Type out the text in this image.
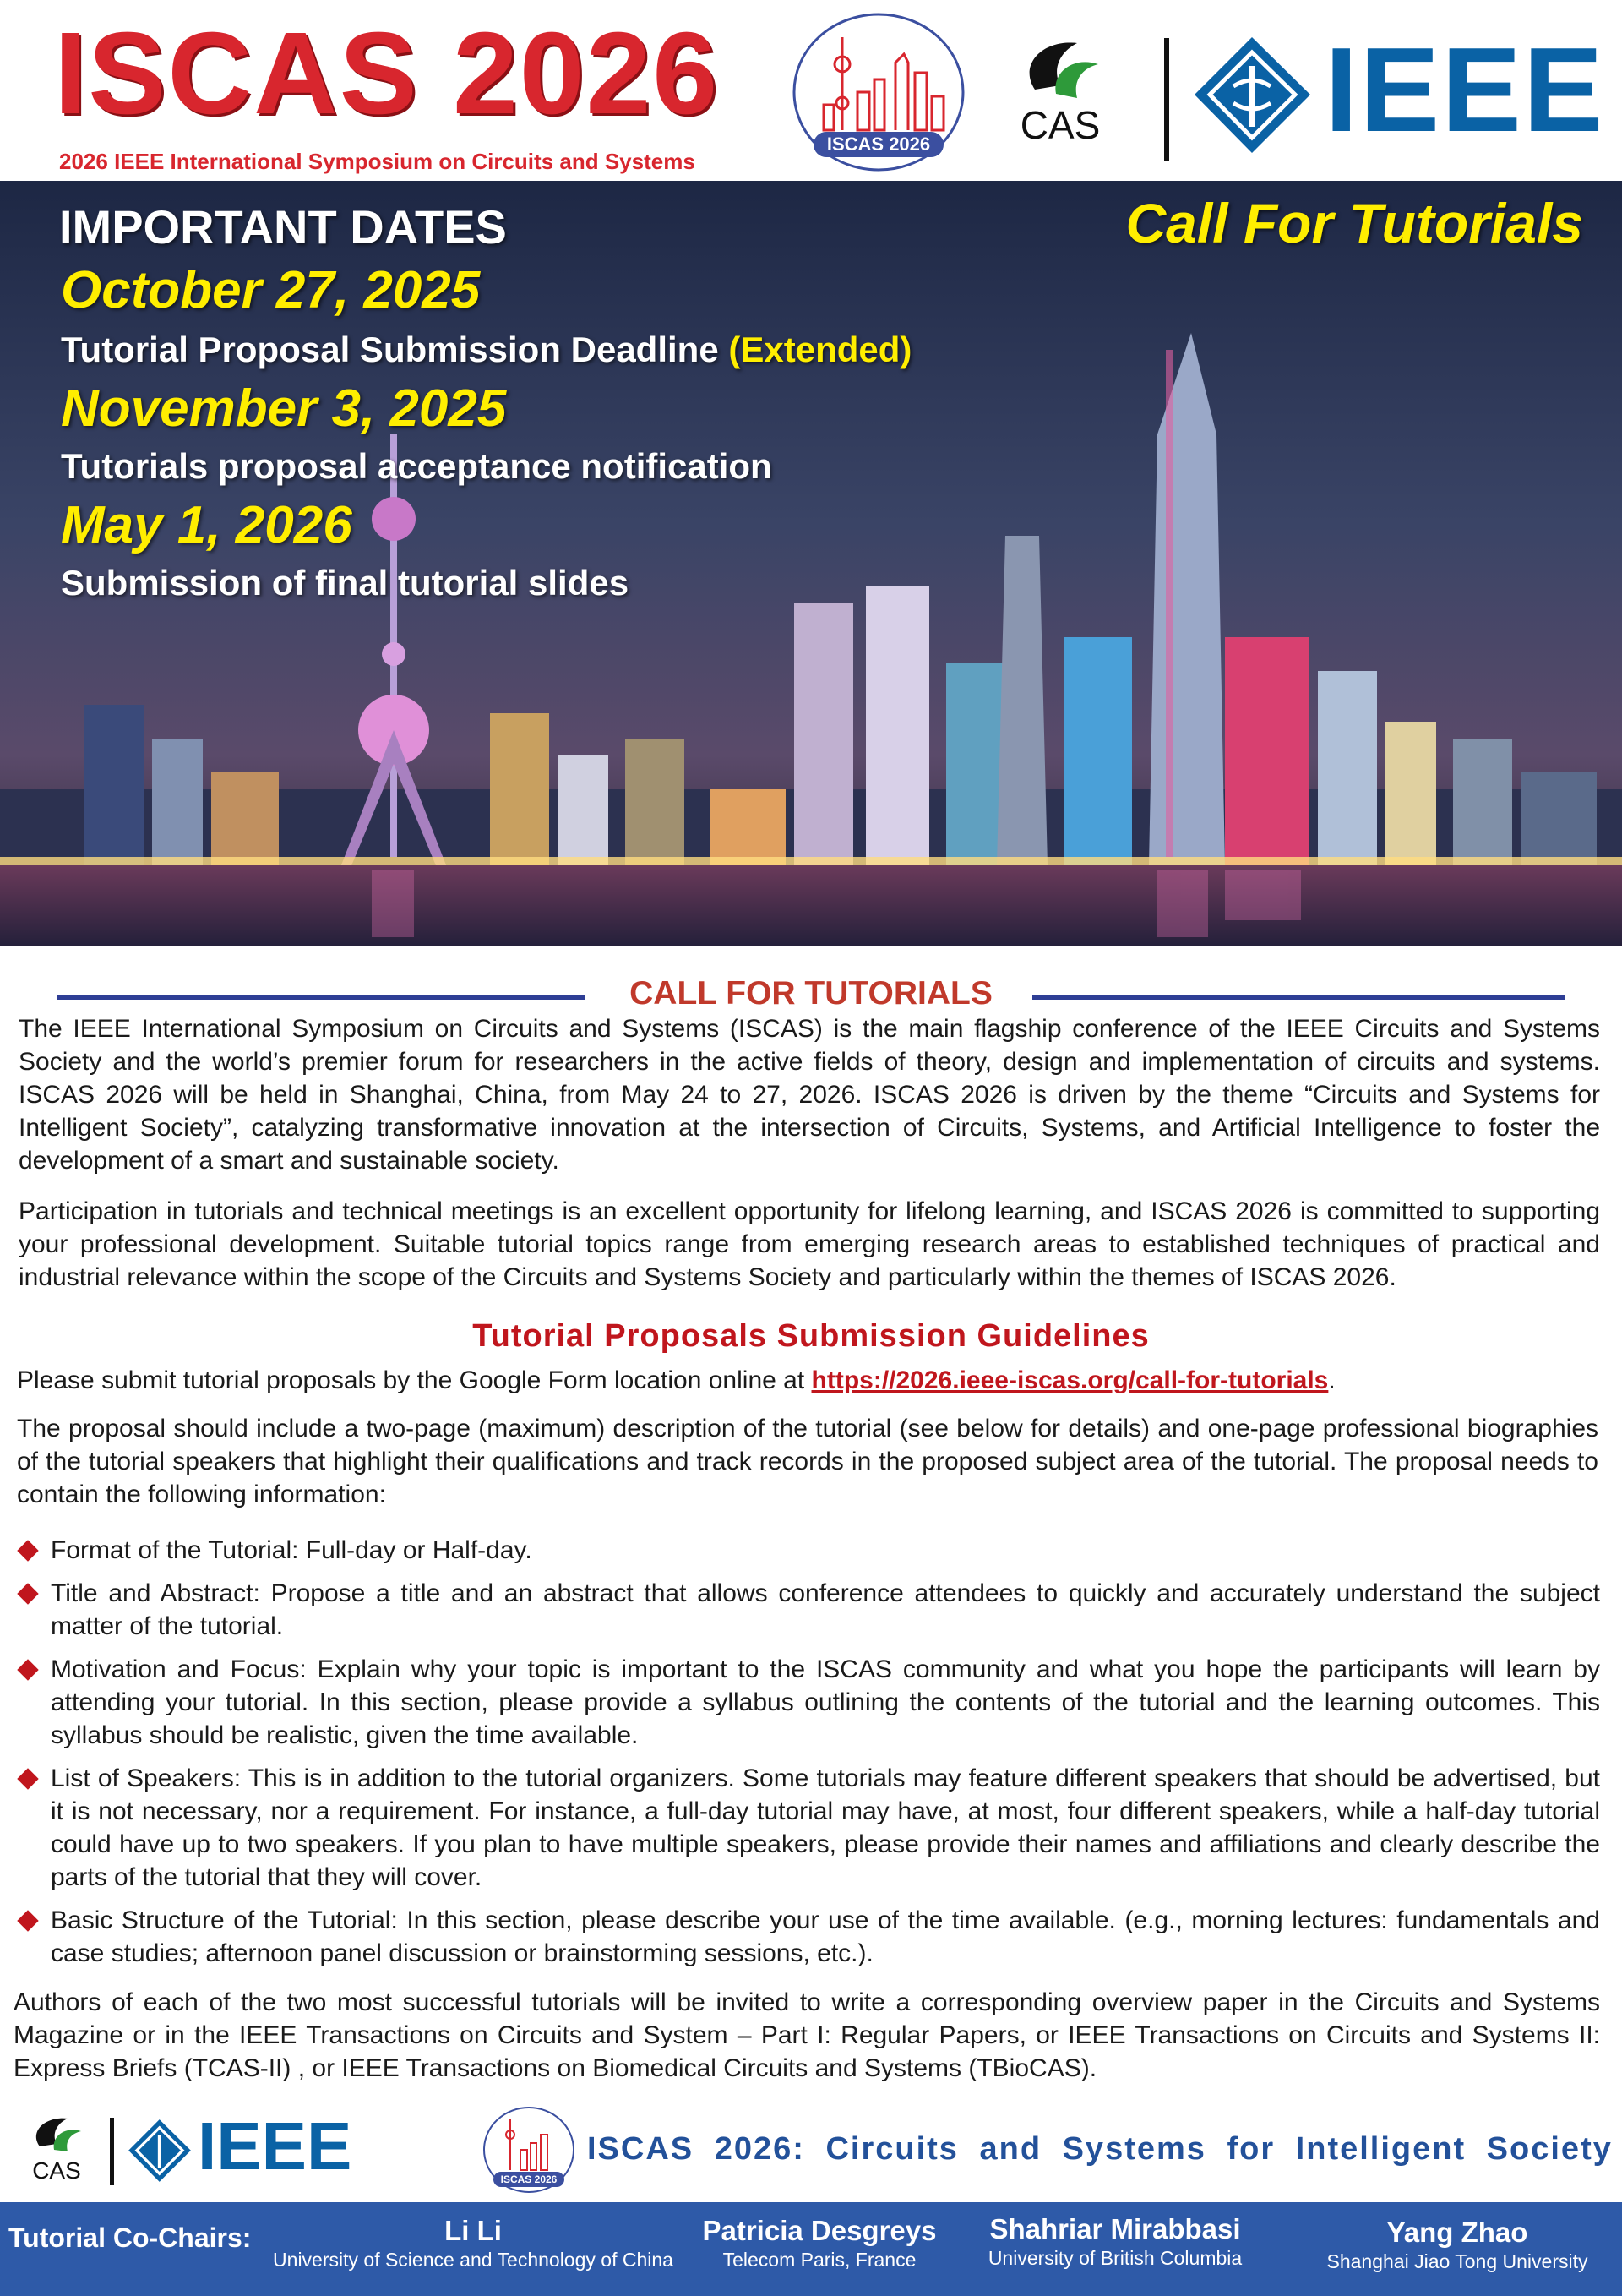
ISCAS 2026
2026 IEEE International Symposium on Circuits and Systems
ISCAS 2026 CAS IEEE
IMPORTANT DATES	Call For Tutorials
October 27, 2025
Tutorial Proposal Submission Deadline (Extended)
November 3, 2025
Tutorials proposal acceptance notification
May 1, 2026
Submission of final tutorial slides
CALL FOR TUTORIALS
The IEEE International Symposium on Circuits and Systems (ISCAS) is the main flagship conference of the IEEE Circuits and Systems Society and the world’s premier forum for researchers in the active fields of theory, design and implementation of circuits and systems. ISCAS 2026 will be held in Shanghai, China, from May 24 to 27, 2026. ISCAS 2026 is driven by the theme “Circuits and Systems for Intelligent Society”, catalyzing transformative innovation at the intersection of Circuits, Systems, and Artificial Intelligence to foster the development of a smart and sustainable society.
Participation in tutorials and technical meetings is an excellent opportunity for lifelong learning, and ISCAS 2026 is committed to supporting your professional development. Suitable tutorial topics range from emerging research areas to established techniques of practical and industrial relevance within the scope of the Circuits and Systems Society and particularly within the themes of ISCAS 2026.
Tutorial Proposals Submission Guidelines
Please submit tutorial proposals by the Google Form location online at https://2026.ieee-iscas.org/call-for-tutorials.
The proposal should include a two-page (maximum) description of the tutorial (see below for details) and one-page professional biographies of the tutorial speakers that highlight their qualifications and track records in the proposed subject area of the tutorial. The proposal needs to contain the following information:
Format of the Tutorial: Full-day or Half-day.
Title and Abstract: Propose a title and an abstract that allows conference attendees to quickly and accurately understand the subject matter of the tutorial.
Motivation and Focus: Explain why your topic is important to the ISCAS community and what you hope the participants will learn by attending your tutorial. In this section, please provide a syllabus outlining the contents of the tutorial and the learning outcomes. This syllabus should be realistic, given the time available.
List of Speakers: This is in addition to the tutorial organizers. Some tutorials may feature different speakers that should be advertised, but it is not necessary, nor a requirement. For instance, a full-day tutorial may have, at most, four different speakers, while a half-day tutorial could have up to two speakers. If you plan to have multiple speakers, please provide their names and affiliations and clearly describe the parts of the tutorial that they will cover.
Basic Structure of the Tutorial: In this section, please describe your use of the time available. (e.g., morning lectures: fundamentals and case studies; afternoon panel discussion or brainstorming sessions, etc.).
Authors of each of the two most successful tutorials will be invited to write a corresponding overview paper in the Circuits and Systems Magazine or in the IEEE Transactions on Circuits and System – Part I: Regular Papers, or IEEE Transactions on Circuits and Systems II: Express Briefs (TCAS-II) , or IEEE Transactions on Biomedical Circuits and Systems (TBioCAS).
CAS IEEE	ISCAS 2026
ISCAS 2026: Circuits and Systems for Intelligent Society
Tutorial Co-Chairs:	Li Li
University of Science and Technology of China
Patricia Desgreys
Telecom Paris, France
Shahriar Mirabbasi
University of British Columbia
Yang Zhao
Shanghai Jiao Tong University
